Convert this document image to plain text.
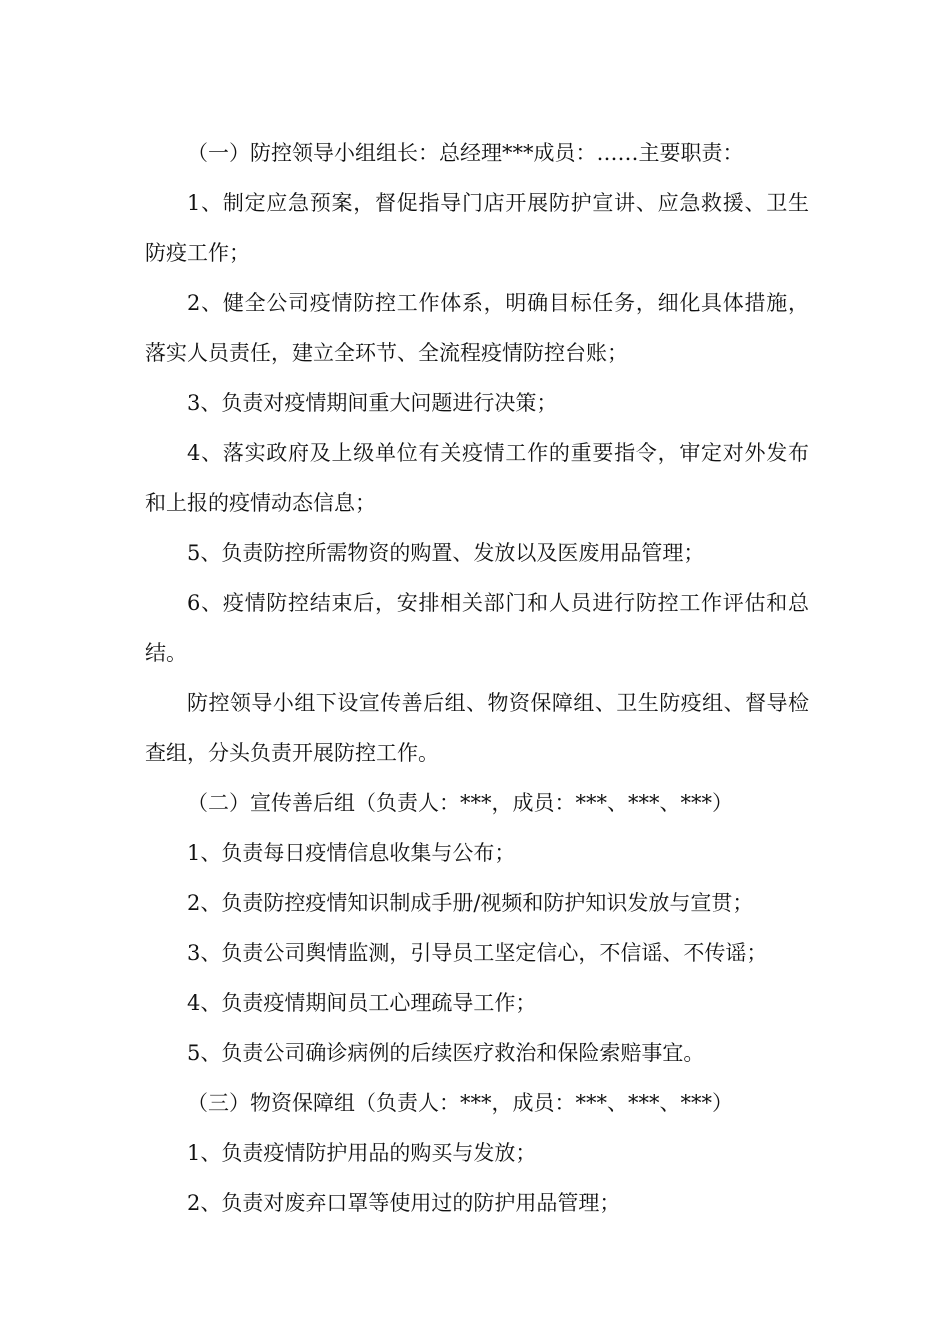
（一）防控领导小组组长：总经理***成员：……主要职责：

1、制定应急预案，督促指导门店开展防护宣讲、应急救援、卫生防疫工作；

2、健全公司疫情防控工作体系，明确目标任务，细化具体措施，落实人员责任，建立全环节、全流程疫情防控台账；

3、负责对疫情期间重大问题进行决策；

4、落实政府及上级单位有关疫情工作的重要指令，审定对外发布和上报的疫情动态信息；

5、负责防控所需物资的购置、发放以及医废用品管理；

6、疫情防控结束后，安排相关部门和人员进行防控工作评估和总结。

防控领导小组下设宣传善后组、物资保障组、卫生防疫组、督导检查组，分头负责开展防控工作。

（二）宣传善后组（负责人：***，成员：***、***、***）

1、负责每日疫情信息收集与公布；

2、负责防控疫情知识制成手册/视频和防护知识发放与宣贯；

3、负责公司舆情监测，引导员工坚定信心，不信谣、不传谣；

4、负责疫情期间员工心理疏导工作；

5、负责公司确诊病例的后续医疗救治和保险索赔事宜。

（三）物资保障组（负责人：***，成员：***、***、***）

1、负责疫情防护用品的购买与发放；

2、负责对废弃口罩等使用过的防护用品管理；
